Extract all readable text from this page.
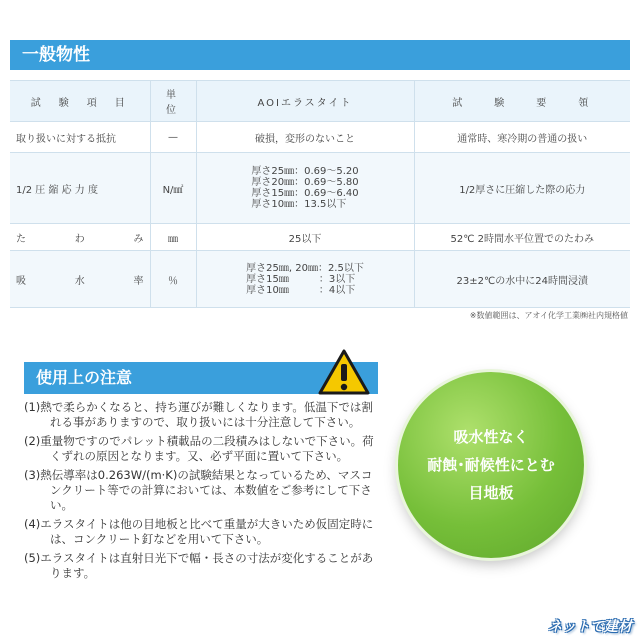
一般物性
試　験　項　目	単 位	AOIエラスタイト	試　　験　　要　　領
取り扱いに対する抵抗	—	破損，変形のないこと	通常時、寒冷期の普通の扱い
1/2 圧 縮 応 力 度	N/㎟	厚さ25㎜：0.69〜5.20
厚さ20㎜：0.69〜5.80
厚さ15㎜：0.69〜6.40
厚さ10㎜：13.5以下	1/2厚さに圧縮した際の応力

た わ み	㎜	25以下	52℃ 2時間水平位置でのたわみ

吸 水 率	％	厚さ25㎜, 20㎜：2.5以下
厚さ15㎜　　　：3以下
厚さ10㎜　　　：4以下	23±2℃の水中に24時間浸漬
※数値範囲は、アオイ化学工業㈱社内規格値
使用上の注意
(1)熱で柔らかくなると、持ち運びが難しくなります。低温下では割れる事がありますので、取り扱いには十分注意して下さい。
(2)重量物ですのでパレット積載品の二段積みはしないで下さい。荷くずれの原因となります。又、必ず平面に置いて下さい。
(3)熱伝導率は0.263W/(m·K)の試験結果となっているため、マスコンクリート等での計算においては、本数値をご参考にして下さい。
(4)エラスタイトは他の目地板と比べて重量が大きいため仮固定時には、コンクリート釘などを用いて下さい。
(5)エラスタイトは直射日光下で幅・長さの寸法が変化することがあります。
吸水性なく
耐蝕･耐候性にとむ
目地板
ネットで建材
